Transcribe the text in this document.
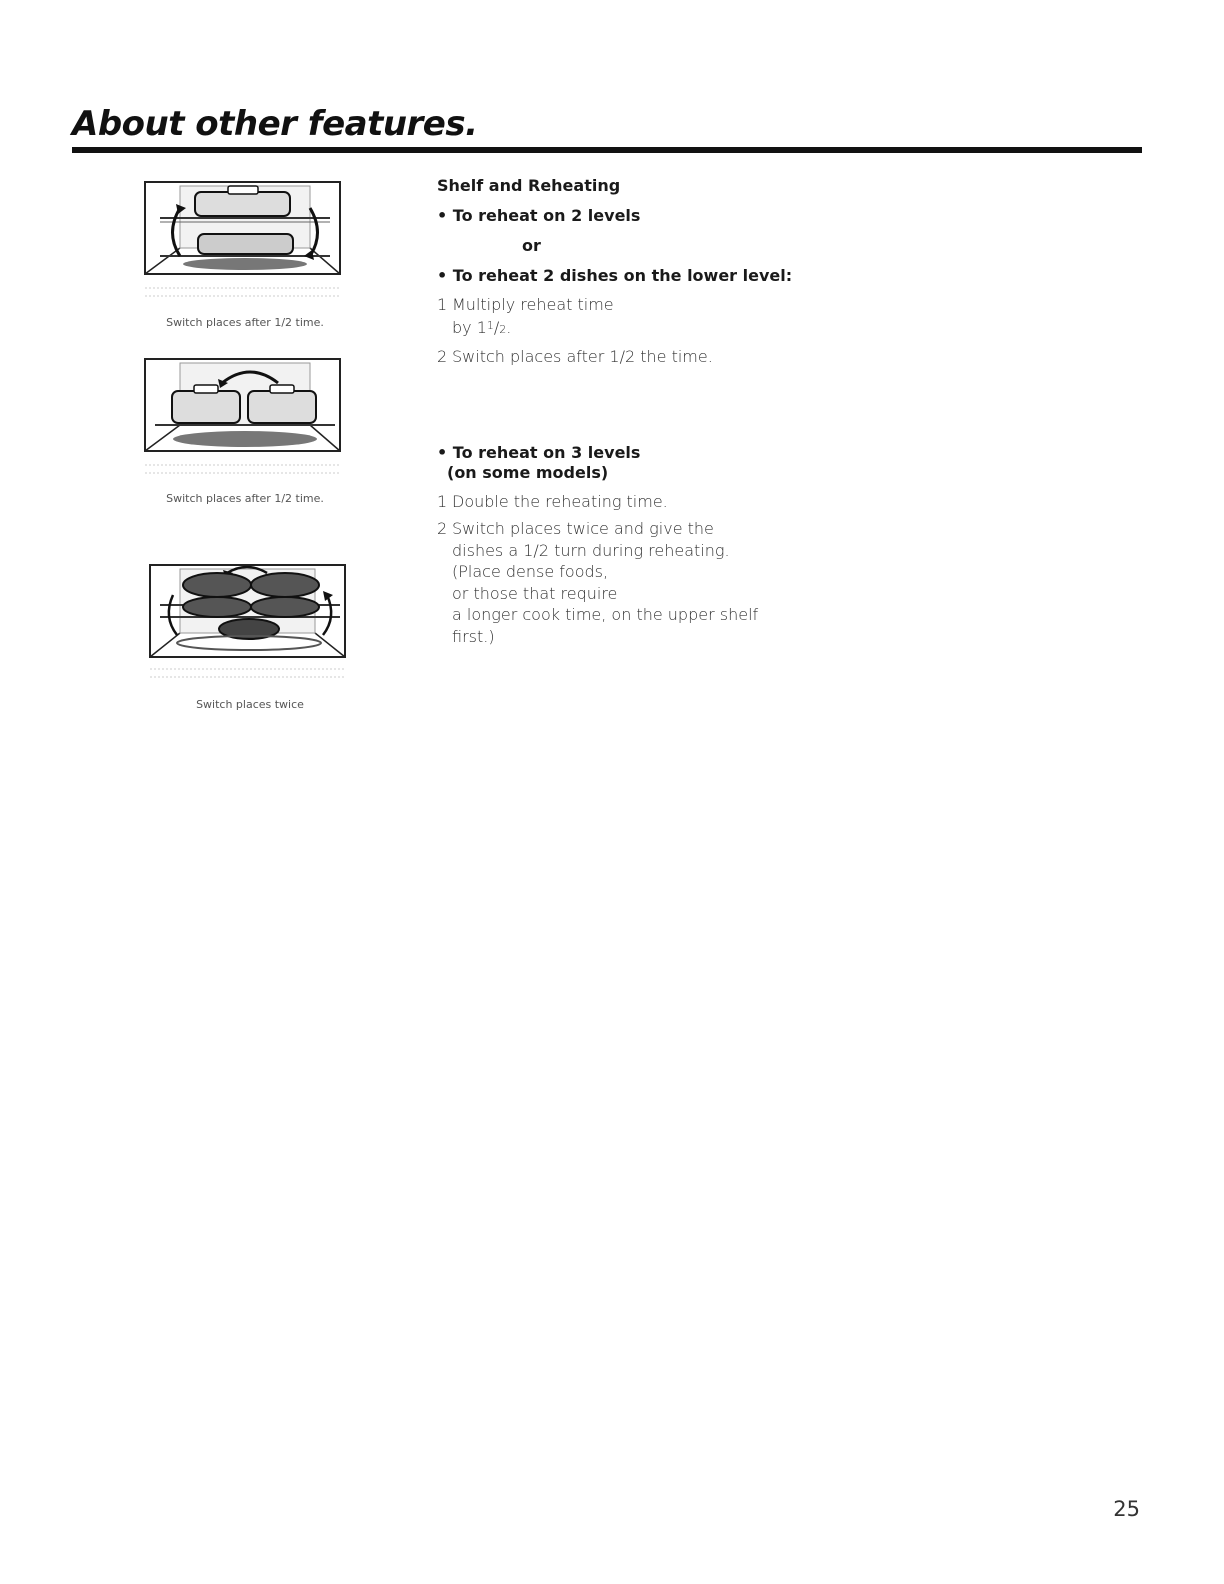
About other features.
Switch places after 1/2 time.
Switch places after 1/2 time.
Switch places twice

Shelf and Reheating

• To reheat on 2 levels

or

• To reheat 2 dishes on the lower level:

1 Multiply reheat time
by $1^1/2$.

2 Switch places after 1/2 the time.

• To reheat on 3 levels

(on some models)

1 Double the reheating time.

2 Switch places twice and give the
dishes a 1/2 turn during reheating.
(Place dense foods,
or those that require
a longer cook time, on the upper shelf
first.)

25
